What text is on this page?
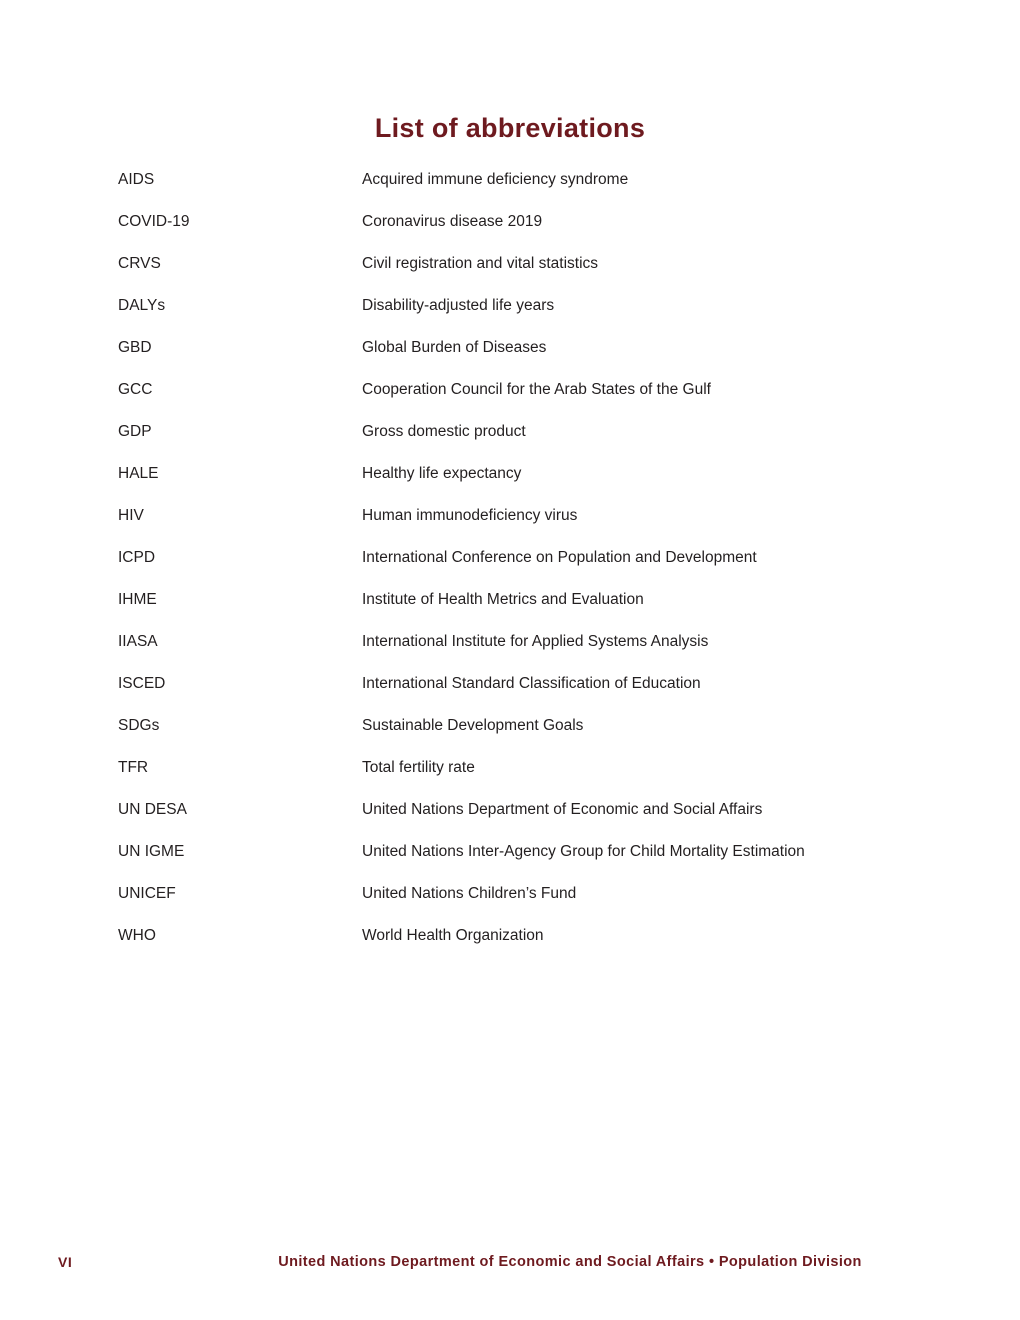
List of abbreviations
AIDS	Acquired immune deficiency syndrome
COVID-19	Coronavirus disease 2019
CRVS	Civil registration and vital statistics
DALYs	Disability-adjusted life years
GBD	Global Burden of Diseases
GCC	Cooperation Council for the Arab States of the Gulf
GDP	Gross domestic product
HALE	Healthy life expectancy
HIV	Human immunodeficiency virus
ICPD	International Conference on Population and Development
IHME	Institute of Health Metrics and Evaluation
IIASA	International Institute for Applied Systems Analysis
ISCED	International Standard Classification of Education
SDGs	Sustainable Development Goals
TFR	Total fertility rate
UN DESA	United Nations Department of Economic and Social Affairs
UN IGME	United Nations Inter-Agency Group for Child Mortality Estimation
UNICEF	United Nations Children’s Fund
WHO	World Health Organization
VI	United Nations Department of Economic and Social Affairs • Population Division
